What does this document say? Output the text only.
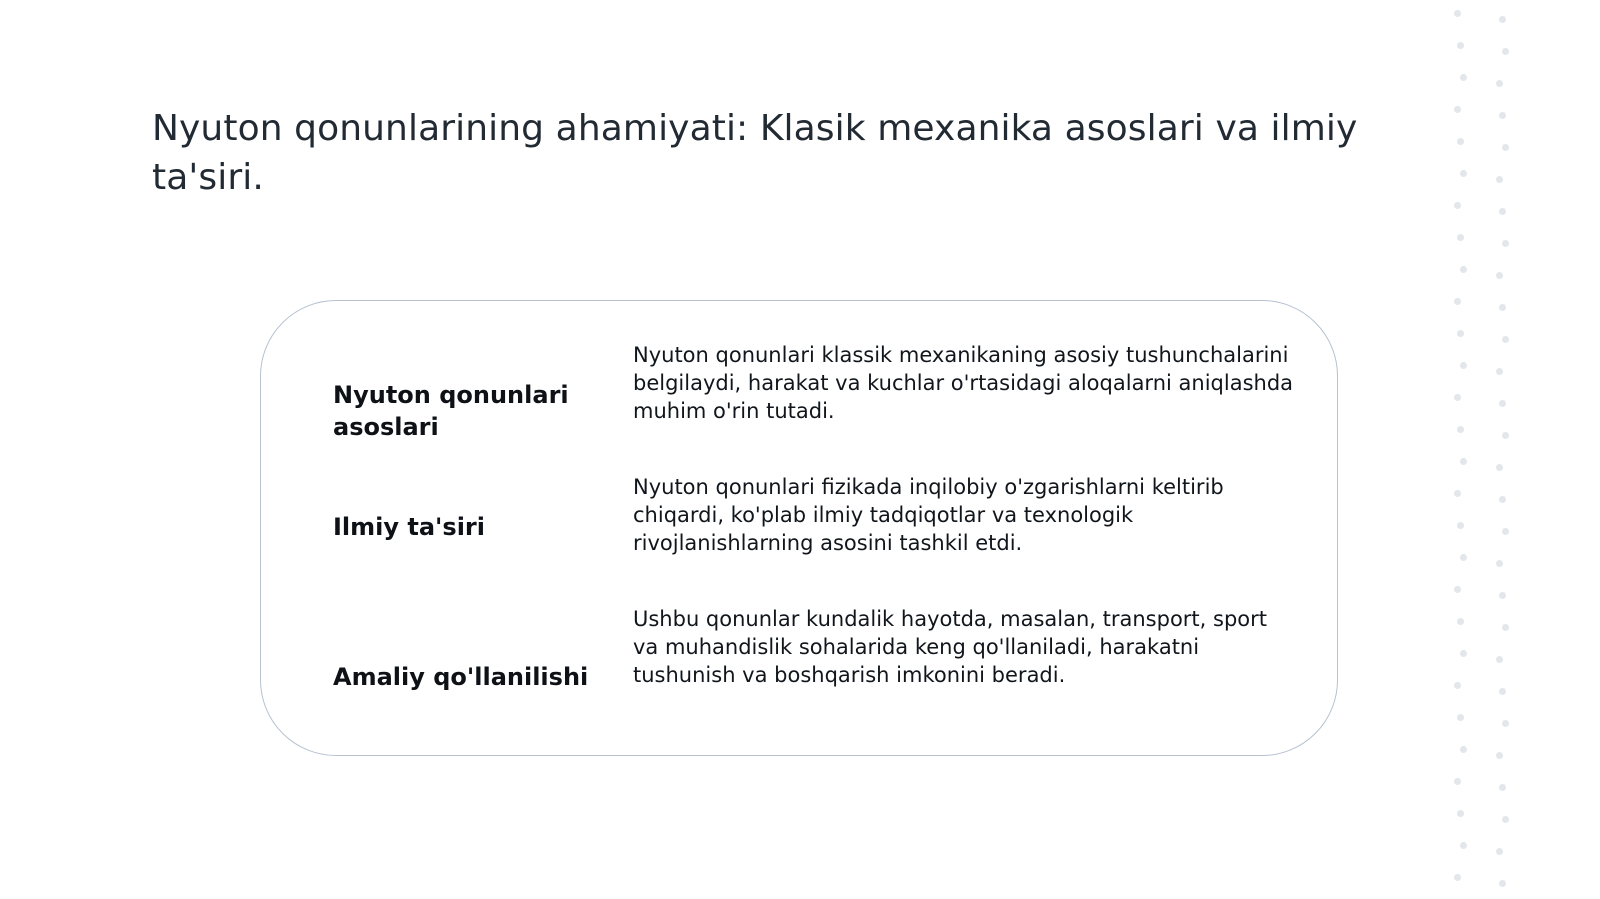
Nyuton qonunlarining ahamiyati: Klasik mexanika asoslari va ilmiy ta'siri.

Nyuton qonunlari asoslari

Nyuton qonunlari klassik mexanikaning asosiy tushunchalarini belgilaydi, harakat va kuchlar o'rtasidagi aloqalarni aniqlashda muhim o'rin tutadi.

Ilmiy ta'siri

Nyuton qonunlari fizikada inqilobiy o'zgarishlarni keltirib chiqardi, ko'plab ilmiy tadqiqotlar va texnologik rivojlanishlarning asosini tashkil etdi.

Amaliy qo'llanilishi

Ushbu qonunlar kundalik hayotda, masalan, transport, sport va muhandislik sohalarida keng qo'llaniladi, harakatni tushunish va boshqarish imkonini beradi.
